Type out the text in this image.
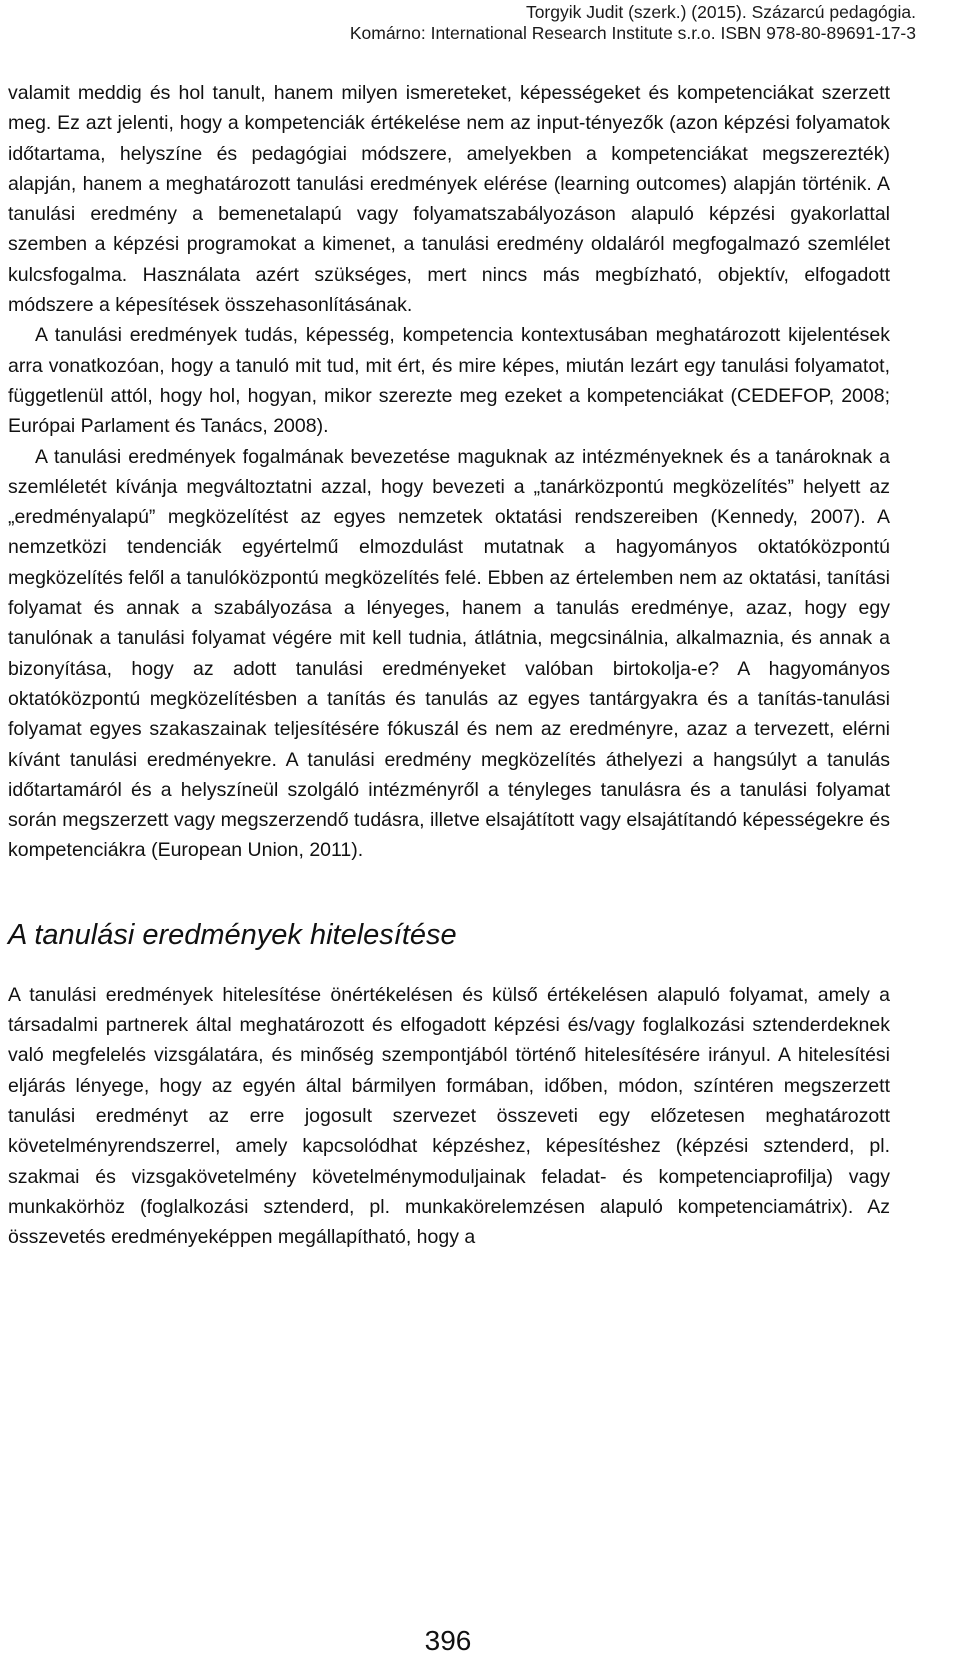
Torgyik Judit (szerk.) (2015). Százarcú pedagógia.
Komárno: International Research Institute s.r.o. ISBN 978-80-89691-17-3

valamit meddig és hol tanult, hanem milyen ismereteket, képességeket és kompetenciákat szerzett meg. Ez azt jelenti, hogy a kompetenciák értékelése nem az input-tényezők (azon képzési folyamatok időtartama, helyszíne és pedagógiai módszere, amelyekben a kompetenciákat megszerezték) alapján, hanem a meghatározott tanulási eredmények elérése (learning outcomes) alapján történik. A tanulási eredmény a bemenetalapú vagy folyamatszabályozáson alapuló képzési gyakorlattal szemben a képzési programokat a kimenet, a tanulási eredmény oldaláról megfogalmazó szemlélet kulcsfogalma. Használata azért szükséges, mert nincs más megbízható, objektív, elfogadott módszere a képesítések összehasonlításának.

A tanulási eredmények tudás, képesség, kompetencia kontextusában meghatározott kijelentések arra vonatkozóan, hogy a tanuló mit tud, mit ért, és mire képes, miután lezárt egy tanulási folyamatot, függetlenül attól, hogy hol, hogyan, mikor szerezte meg ezeket a kompetenciákat (CEDEFOP, 2008; Európai Parlament és Tanács, 2008).

A tanulási eredmények fogalmának bevezetése maguknak az intézményeknek és a tanároknak a szemléletét kívánja megváltoztatni azzal, hogy bevezeti a „tanárközpontú megközelítés” helyett az „eredményalapú” megközelítést az egyes nemzetek oktatási rendszereiben (Kennedy, 2007). A nemzetközi tendenciák egyértelmű elmozdulást mutatnak a hagyományos oktatóközpontú megközelítés felől a tanulóközpontú megközelítés felé. Ebben az értelemben nem az oktatási, tanítási folyamat és annak a szabályozása a lényeges, hanem a tanulás eredménye, azaz, hogy egy tanulónak a tanulási folyamat végére mit kell tudnia, átlátnia, megcsinálnia, alkalmaznia, és annak a bizonyítása, hogy az adott tanulási eredményeket valóban birtokolja-e? A hagyományos oktatóközpontú megközelítésben a tanítás és tanulás az egyes tantárgyakra és a tanítás-tanulási folyamat egyes szakaszainak teljesítésére fókuszál és nem az eredményre, azaz a tervezett, elérni kívánt tanulási eredményekre. A tanulási eredmény megközelítés áthelyezi a hangsúlyt a tanulás időtartamáról és a helyszíneül szolgáló intézményről a tényleges tanulásra és a tanulási folyamat során megszerzett vagy megszerzendő tudásra, illetve elsajátított vagy elsajátítandó képességekre és kompetenciákra (European Union, 2011).

A tanulási eredmények hitelesítése

A tanulási eredmények hitelesítése önértékelésen és külső értékelésen alapuló folyamat, amely a társadalmi partnerek által meghatározott és elfogadott képzési és/vagy foglalkozási sztenderdeknek való megfelelés vizsgálatára, és minőség szempontjából történő hitelesítésére irányul. A hitelesítési eljárás lényege, hogy az egyén által bármilyen formában, időben, módon, színtéren megszerzett tanulási eredményt az erre jogosult szervezet összeveti egy előzetesen meghatározott követelményrendszerrel, amely kapcsolódhat képzéshez, képesítéshez (képzési sztenderd, pl. szakmai és vizsgakövetelmény követelménymoduljainak feladat- és kompetenciaprofilja) vagy munkakörhöz (foglalkozási sztenderd, pl. munkakörelemzésen alapuló kompetenciamátrix). Az összevetés eredményeképpen megállapítható, hogy a

396
